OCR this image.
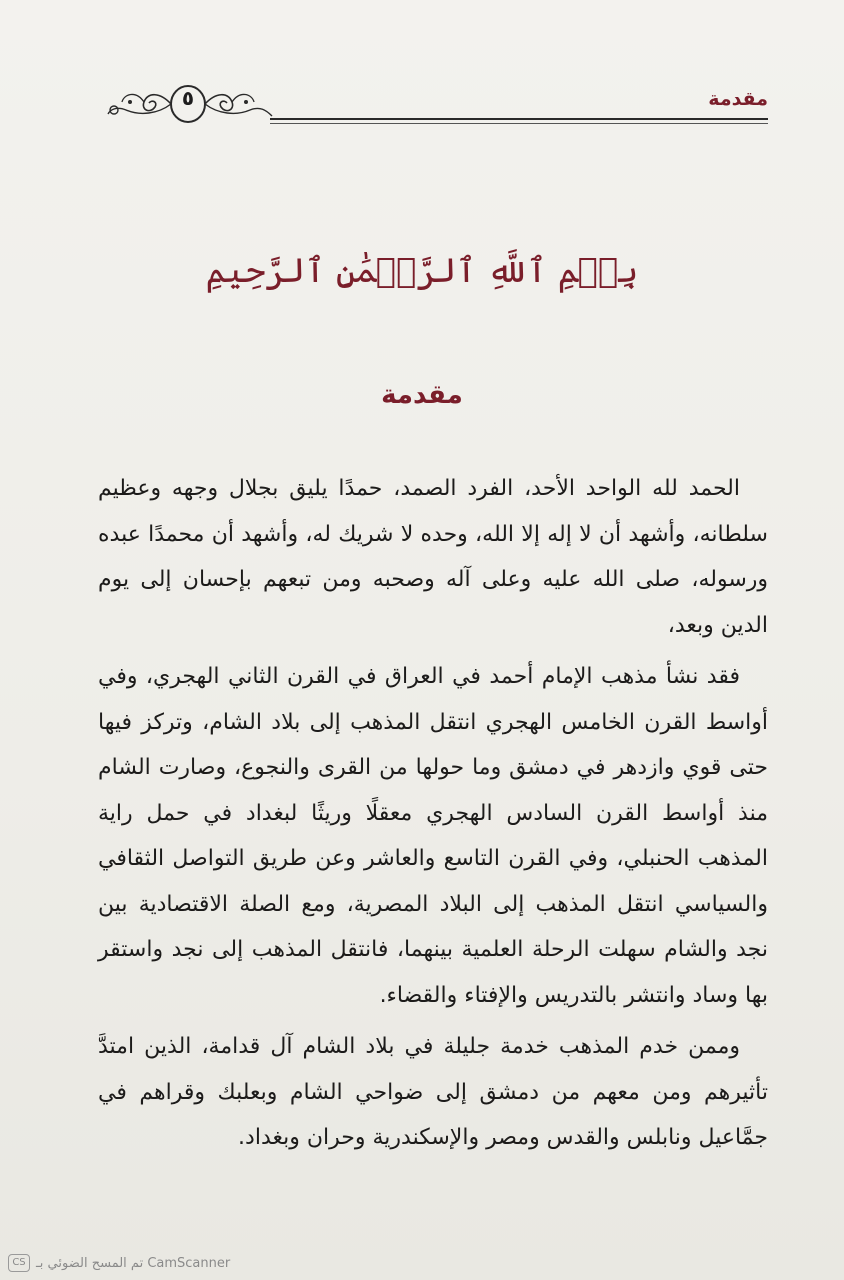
٥	مقدمة
بِسۡمِ ٱللَّهِ ٱلرَّحۡمَٰنِ ٱلرَّحِيمِ
مقدمة

الحمد لله الواحد الأحد، الفرد الصمد، حمدًا يليق بجلال وجهه وعظيم سلطانه، وأشهد أن لا إله إلا الله، وحده لا شريك له، وأشهد أن محمدًا عبده ورسوله، صلى الله عليه وعلى آله وصحبه ومن تبعهم بإحسان إلى يوم الدين وبعد،

فقد نشأ مذهب الإمام أحمد في العراق في القرن الثاني الهجري، وفي أواسط القرن الخامس الهجري انتقل المذهب إلى بلاد الشام، وتركز فيها حتى قوي وازدهر في دمشق وما حولها من القرى والنجوع، وصارت الشام منذ أواسط القرن السادس الهجري معقلًا وريثًا لبغداد في حمل راية المذهب الحنبلي، وفي القرن التاسع والعاشر وعن طريق التواصل الثقافي والسياسي انتقل المذهب إلى البلاد المصرية، ومع الصلة الاقتصادية بين نجد والشام سهلت الرحلة العلمية بينهما، فانتقل المذهب إلى نجد واستقر بها وساد وانتشر بالتدريس والإفتاء والقضاء.

وممن خدم المذهب خدمة جليلة في بلاد الشام آل قدامة، الذين امتدَّ تأثيرهم ومن معهم من دمشق إلى ضواحي الشام وبعلبك وقراهم في جمَّاعيل ونابلس والقدس ومصر والإسكندرية وحران وبغداد.

CS تم المسح الضوئي بـ CamScanner
